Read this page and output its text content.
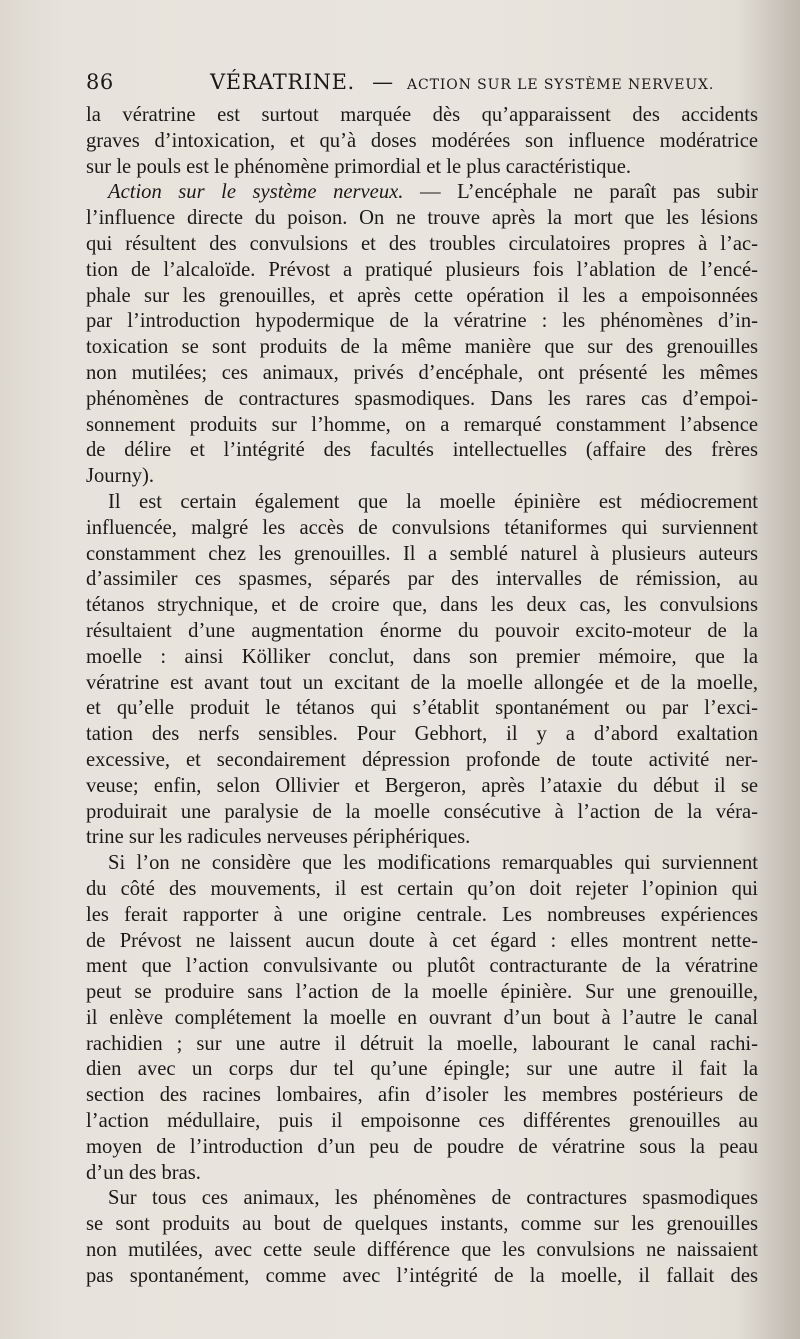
86	VÉRATRINE. — ACTION SUR LE SYSTÈME NERVEUX.
la vératrine est surtout marquée dès qu’apparaissent des accidents
graves d’intoxication, et qu’à doses modérées son influence modératrice
sur le pouls est le phénomène primordial et le plus caractéristique.
Action sur le système nerveux. — L’encéphale ne paraît pas subir
l’influence directe du poison. On ne trouve après la mort que les lésions
qui résultent des convulsions et des troubles circulatoires propres à l’ac-
tion de l’alcaloïde. Prévost a pratiqué plusieurs fois l’ablation de l’encé-
phale sur les grenouilles, et après cette opération il les a empoisonnées
par l’introduction hypodermique de la vératrine : les phénomènes d’in-
toxication se sont produits de la même manière que sur des grenouilles
non mutilées; ces animaux, privés d’encéphale, ont présenté les mêmes
phénomènes de contractures spasmodiques. Dans les rares cas d’empoi-
sonnement produits sur l’homme, on a remarqué constamment l’absence
de délire et l’intégrité des facultés intellectuelles (affaire des frères
Journy).
Il est certain également que la moelle épinière est médiocrement
influencée, malgré les accès de convulsions tétaniformes qui surviennent
constamment chez les grenouilles. Il a semblé naturel à plusieurs auteurs
d’assimiler ces spasmes, séparés par des intervalles de rémission, au
tétanos strychnique, et de croire que, dans les deux cas, les convulsions
résultaient d’une augmentation énorme du pouvoir excito-moteur de la
moelle : ainsi Kölliker conclut, dans son premier mémoire, que la
vératrine est avant tout un excitant de la moelle allongée et de la moelle,
et qu’elle produit le tétanos qui s’établit spontanément ou par l’exci-
tation des nerfs sensibles. Pour Gebhort, il y a d’abord exaltation
excessive, et secondairement dépression profonde de toute activité ner-
veuse; enfin, selon Ollivier et Bergeron, après l’ataxie du début il se
produirait une paralysie de la moelle consécutive à l’action de la véra-
trine sur les radicules nerveuses périphériques.
Si l’on ne considère que les modifications remarquables qui surviennent
du côté des mouvements, il est certain qu’on doit rejeter l’opinion qui
les ferait rapporter à une origine centrale. Les nombreuses expériences
de Prévost ne laissent aucun doute à cet égard : elles montrent nette-
ment que l’action convulsivante ou plutôt contracturante de la vératrine
peut se produire sans l’action de la moelle épinière. Sur une grenouille,
il enlève complétement la moelle en ouvrant d’un bout à l’autre le canal
rachidien ; sur une autre il détruit la moelle, labourant le canal rachi-
dien avec un corps dur tel qu’une épingle; sur une autre il fait la
section des racines lombaires, afin d’isoler les membres postérieurs de
l’action médullaire, puis il empoisonne ces différentes grenouilles au
moyen de l’introduction d’un peu de poudre de vératrine sous la peau
d’un des bras.
Sur tous ces animaux, les phénomènes de contractures spasmodiques
se sont produits au bout de quelques instants, comme sur les grenouilles
non mutilées, avec cette seule différence que les convulsions ne naissaient
pas spontanément, comme avec l’intégrité de la moelle, il fallait des
